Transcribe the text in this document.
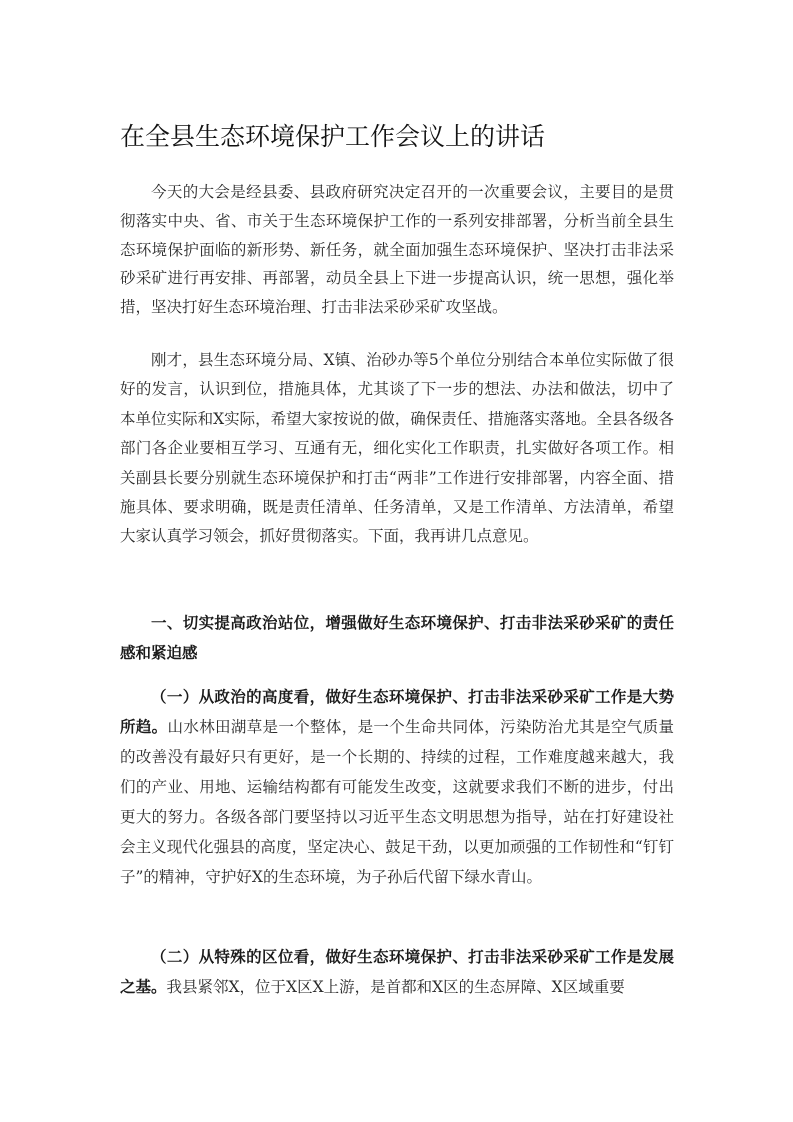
在全县生态环境保护工作会议上的讲话

今天的大会是经县委、县政府研究决定召开的一次重要会议，主要目的是贯彻落实中央、省、市关于生态环境保护工作的一系列安排部署，分析当前全县生态环境保护面临的新形势、新任务，就全面加强生态环境保护、坚决打击非法采砂采矿进行再安排、再部署，动员全县上下进一步提高认识，统一思想，强化举措，坚决打好生态环境治理、打击非法采砂采矿攻坚战。

刚才，县生态环境分局、X镇、治砂办等5个单位分别结合本单位实际做了很好的发言，认识到位，措施具体，尤其谈了下一步的想法、办法和做法，切中了本单位实际和X实际，希望大家按说的做，确保责任、措施落实落地。全县各级各部门各企业要相互学习、互通有无，细化实化工作职责，扎实做好各项工作。相关副县长要分别就生态环境保护和打击“两非”工作进行安排部署，内容全面、措施具体、要求明确，既是责任清单、任务清单，又是工作清单、方法清单，希望大家认真学习领会，抓好贯彻落实。下面，我再讲几点意见。

一、切实提高政治站位，增强做好生态环境保护、打击非法采砂采矿的责任感和紧迫感

（一）从政治的高度看，做好生态环境保护、打击非法采砂采矿工作是大势所趋。山水林田湖草是一个整体，是一个生命共同体，污染防治尤其是空气质量的改善没有最好只有更好，是一个长期的、持续的过程，工作难度越来越大，我们的产业、用地、运输结构都有可能发生改变，这就要求我们不断的进步，付出更大的努力。各级各部门要坚持以习近平生态文明思想为指导，站在打好建设社会主义现代化强县的高度，坚定决心、鼓足干劲，以更加顽强的工作韧性和“钉钉子”的精神，守护好X的生态环境，为子孙后代留下绿水青山。

（二）从特殊的区位看，做好生态环境保护、打击非法采砂采矿工作是发展之基。我县紧邻X，位于X区X上游，是首都和X区的生态屏障、X区域重要
